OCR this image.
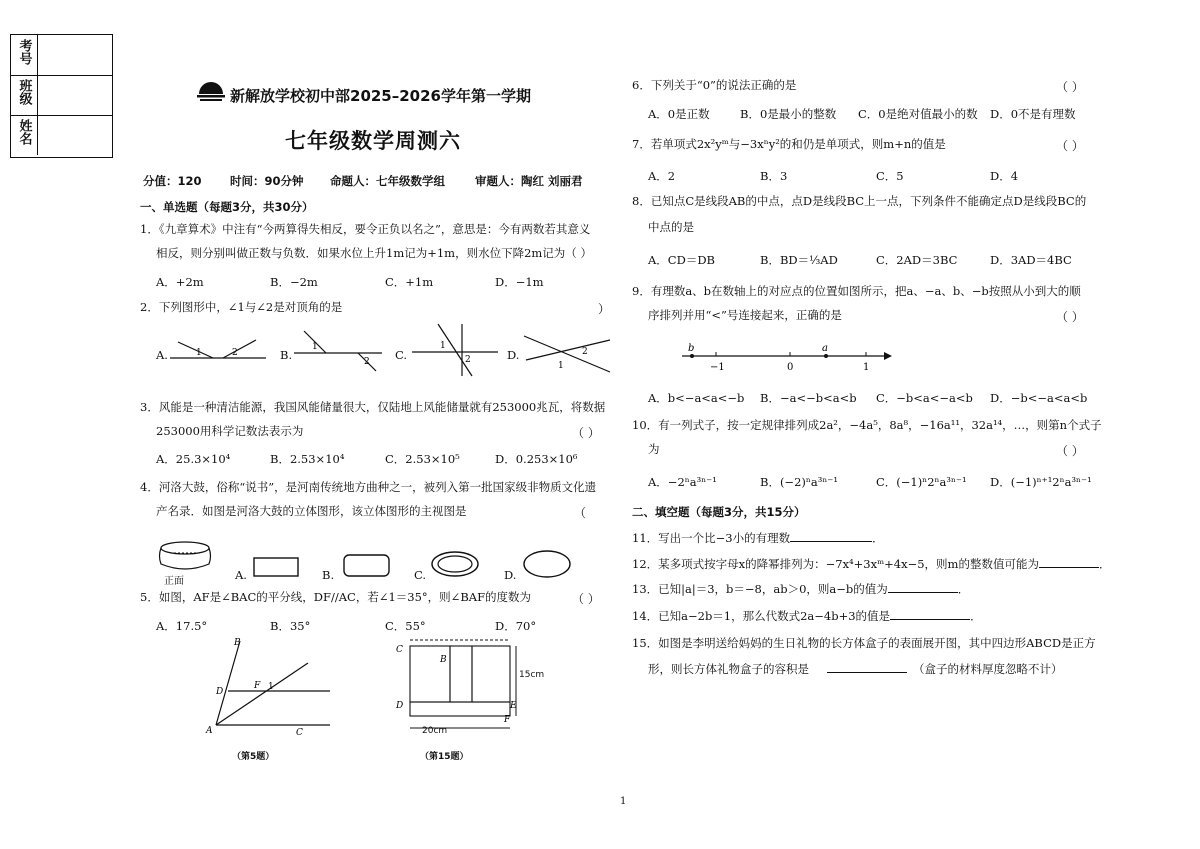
考号
班级
姓名
新解放学校初中部2025–2026学年第一学期
七年级数学周测六
分值：120 时间：90分钟 命题人：七年级数学组	审题人：陶红 刘丽君
一、单选题（每题3分，共30分）
1．《九章算术》中注有“今两算得失相反，要令正负以名之”，意思是：今有两数若其意义
相反，则分别叫做正数与负数．如果水位上升1m记为+1m，则水位下降2m记为（ ）
A．+2m	B．−2m	C．+1m	D．−1m
2．下列图形中，∠1与∠2是对顶角的是	）
A.	B.	C.	D.
1	2
1
2
1
2
2
1
3．风能是一种清洁能源，我国风能储量很大，仅陆地上风能储量就有253000兆瓦，将数据
253000用科学记数法表示为	（ ）
A．25.3×10⁴	B．2.53×10⁴	C．2.53×10⁵	D．0.253×10⁶
4．河洛大鼓，俗称“说书”，是河南传统地方曲种之一，被列入第一批国家级非物质文化遗
产名录．如图是河洛大鼓的立体图形，该立体图形的主视图是	（
正面	A.	B.	C.	D.
5．如图，AF是∠BAC的平分线，DF//AC，若∠1＝35°，则∠BAF的度数为	（ ）
A．17.5°	B．35°	C．55°	D．70°
B
D
F 1
A	C
（第5题）
C
B
D	E
F
20cm
15cm
（第15题）
6．下列关于“0”的说法正确的是	（ ）
A．0是正数	B．0是最小的整数 C．0是绝对值最小的数 D．0不是有理数
7．若单项式2x²yᵐ与−3xⁿy²的和仍是单项式，则m+n的值是	（ ）
A．2	B．3	C．5	D．4
8．已知点C是线段AB的中点，点D是线段BC上一点，下列条件不能确定点D是线段BC的
中点的是
A．CD＝DB	B．BD＝⅓AD	C．2AD＝3BC	D．3AD＝4BC
9．有理数a、b在数轴上的对应点的位置如图所示，把a、−a、b、−b按照从小到大的顺
序排列并用“<”号连接起来，正确的是	（ ）
b
−1	0
a
1
A．b<−a<a<−b B．−a<−b<a<b C．−b<a<−a<b D．−b<−a<a<b
10．有一列式子，按一定规律排列成2a²，−4a⁵，8a⁸，−16a¹¹，32a¹⁴，…，则第n个式子
为	（ ）
A．−2ⁿa³ⁿ⁻¹	B．(−2)ⁿa³ⁿ⁻¹	C．(−1)ⁿ2ⁿa³ⁿ⁻¹ D．(−1)ⁿ⁺¹2ⁿa³ⁿ⁻¹
二、填空题（每题3分，共15分）
11．写出一个比−3小的有理数	．
12．某多项式按字母x的降幂排列为：−7x⁴+3xᵐ+4x−5，则m的整数值可能为	．
13．已知|a|＝3，b＝−8，ab＞0，则a−b的值为	．
14．已知a−2b＝1，那么代数式2a−4b+3的值是	．
15．如图是李明送给妈妈的生日礼物的长方体盒子的表面展开图，其中四边形ABCD是正方
形，则长方体礼物盒子的容积是	（盒子的材料厚度忽略不计）
1
